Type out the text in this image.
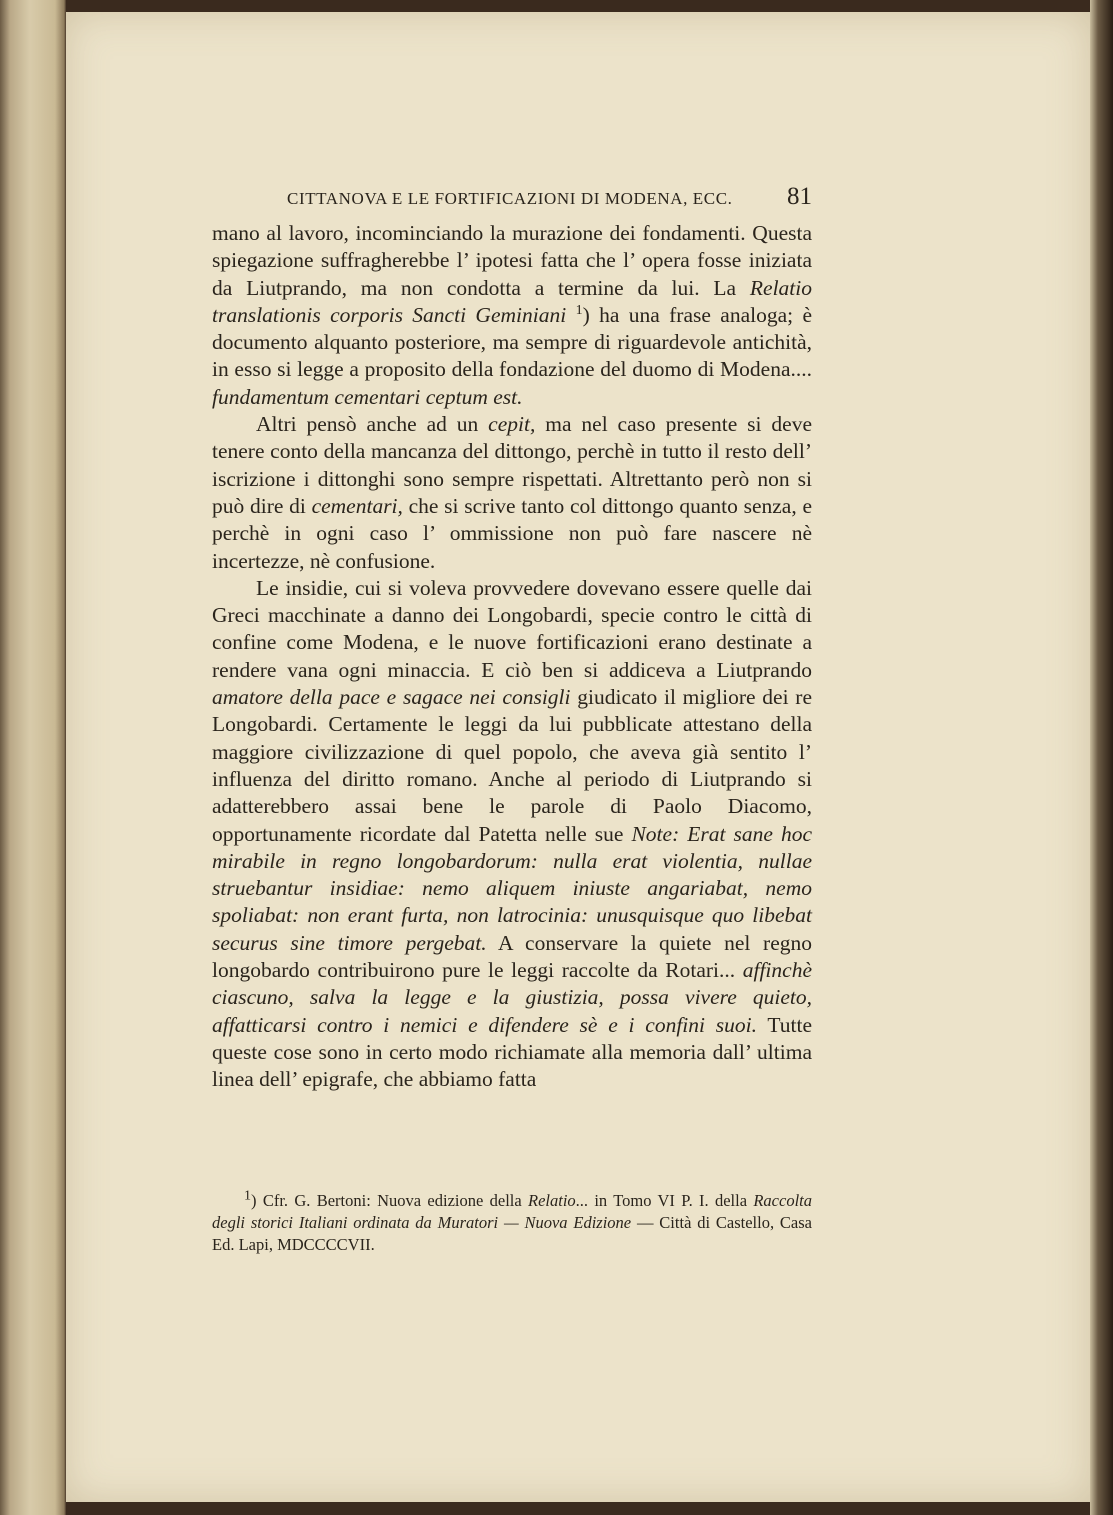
CITTANOVA E LE FORTIFICAZIONI DI MODENA, ECC. 81

mano al lavoro, incominciando la murazione dei fondamenti. Questa spiegazione suffragherebbe l’ ipotesi fatta che l’ opera fosse iniziata da Liutprando, ma non condotta a termine da lui. La Relatio translationis corporis Sancti Geminiani $^1$) ha una frase analoga; è documento alquanto posteriore, ma sempre di riguardevole antichità, in esso si legge a proposito della fondazione del duomo di Modena.... fundamentum cementari ceptum est.

Altri pensò anche ad un cepit, ma nel caso presente si deve tenere conto della mancanza del dittongo, perchè in tutto il resto dell’ iscrizione i dittonghi sono sempre rispettati. Altrettanto però non si può dire di cementari, che si scrive tanto col dittongo quanto senza, e perchè in ogni caso l’ ommissione non può fare nascere nè incertezze, nè confusione.

Le insidie, cui si voleva provvedere dovevano essere quelle dai Greci macchinate a danno dei Longobardi, specie contro le città di confine come Modena, e le nuove fortificazioni erano destinate a rendere vana ogni minaccia. E ciò ben si addiceva a Liutprando amatore della pace e sagace nei consigli giudicato il migliore dei re Longobardi. Certamente le leggi da lui pubblicate attestano della maggiore civilizzazione di quel popolo, che aveva già sentito l’ influenza del diritto romano. Anche al periodo di Liutprando si adatterebbero assai bene le parole di Paolo Diacomo, opportunamente ricordate dal Patetta nelle sue Note: Erat sane hoc mirabile in regno longobardorum: nulla erat violentia, nullae struebantur insidiae: nemo aliquem iniuste angariabat, nemo spoliabat: non erant furta, non latrocinia: unusquisque quo libebat securus sine timore pergebat. A conservare la quiete nel regno longobardo contribuirono pure le leggi raccolte da Rotari... affinchè ciascuno, salva la legge e la giustizia, possa vivere quieto, affatticarsi contro i nemici e difendere sè e i confini suoi. Tutte queste cose sono in certo modo richiamate alla memoria dall’ ultima linea dell’ epigrafe, che abbiamo fatta

$^1$) Cfr. G. Bertoni: Nuova edizione della Relatio... in Tomo VI P. I. della Raccolta degli storici Italiani ordinata da Muratori — Nuova Edizione — Città di Castello, Casa Ed. Lapi, MDCCCCVII.
